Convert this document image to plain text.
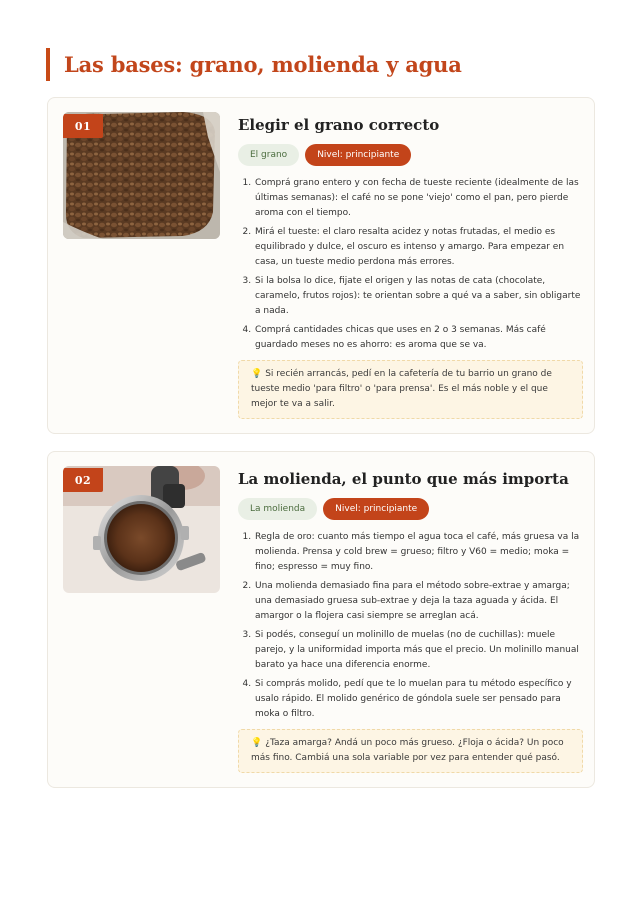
Las bases: grano, molienda y agua
01	Elegir el grano correcto
El grano	Nivel: principiante
1. Comprá grano entero y con fecha de tueste reciente (idealmente de las últimas semanas): el café no se pone 'viejo' como el pan, pero pierde aroma con el tiempo.
2. Mirá el tueste: el claro resalta acidez y notas frutadas, el medio es equilibrado y dulce, el oscuro es intenso y amargo. Para empezar en casa, un tueste medio perdona más errores.
3. Si la bolsa lo dice, fijate el origen y las notas de cata (chocolate, caramelo, frutos rojos): te orientan sobre a qué va a saber, sin obligarte a nada.
4. Comprá cantidades chicas que uses en 2 o 3 semanas. Más café guardado meses no es ahorro: es aroma que se va.
💡 Si recién arrancás, pedí en la cafetería de tu barrio un grano de tueste medio 'para filtro' o 'para prensa'. Es el más noble y el que mejor te va a salir.
02	La molienda, el punto que más importa
La molienda	Nivel: principiante
1. Regla de oro: cuanto más tiempo el agua toca el café, más gruesa va la molienda. Prensa y cold brew = grueso; filtro y V60 = medio; moka = fino; espresso = muy fino.
2. Una molienda demasiado fina para el método sobre-extrae y amarga; una demasiado gruesa sub-extrae y deja la taza aguada y ácida. El amargor o la flojera casi siempre se arreglan acá.
3. Si podés, conseguí un molinillo de muelas (no de cuchillas): muele parejo, y la uniformidad importa más que el precio. Un molinillo manual barato ya hace una diferencia enorme.
4. Si comprás molido, pedí que te lo muelan para tu método específico y usalo rápido. El molido genérico de góndola suele ser pensado para moka o filtro.
💡 ¿Taza amarga? Andá un poco más grueso. ¿Floja o ácida? Un poco más fino. Cambiá una sola variable por vez para entender qué pasó.
